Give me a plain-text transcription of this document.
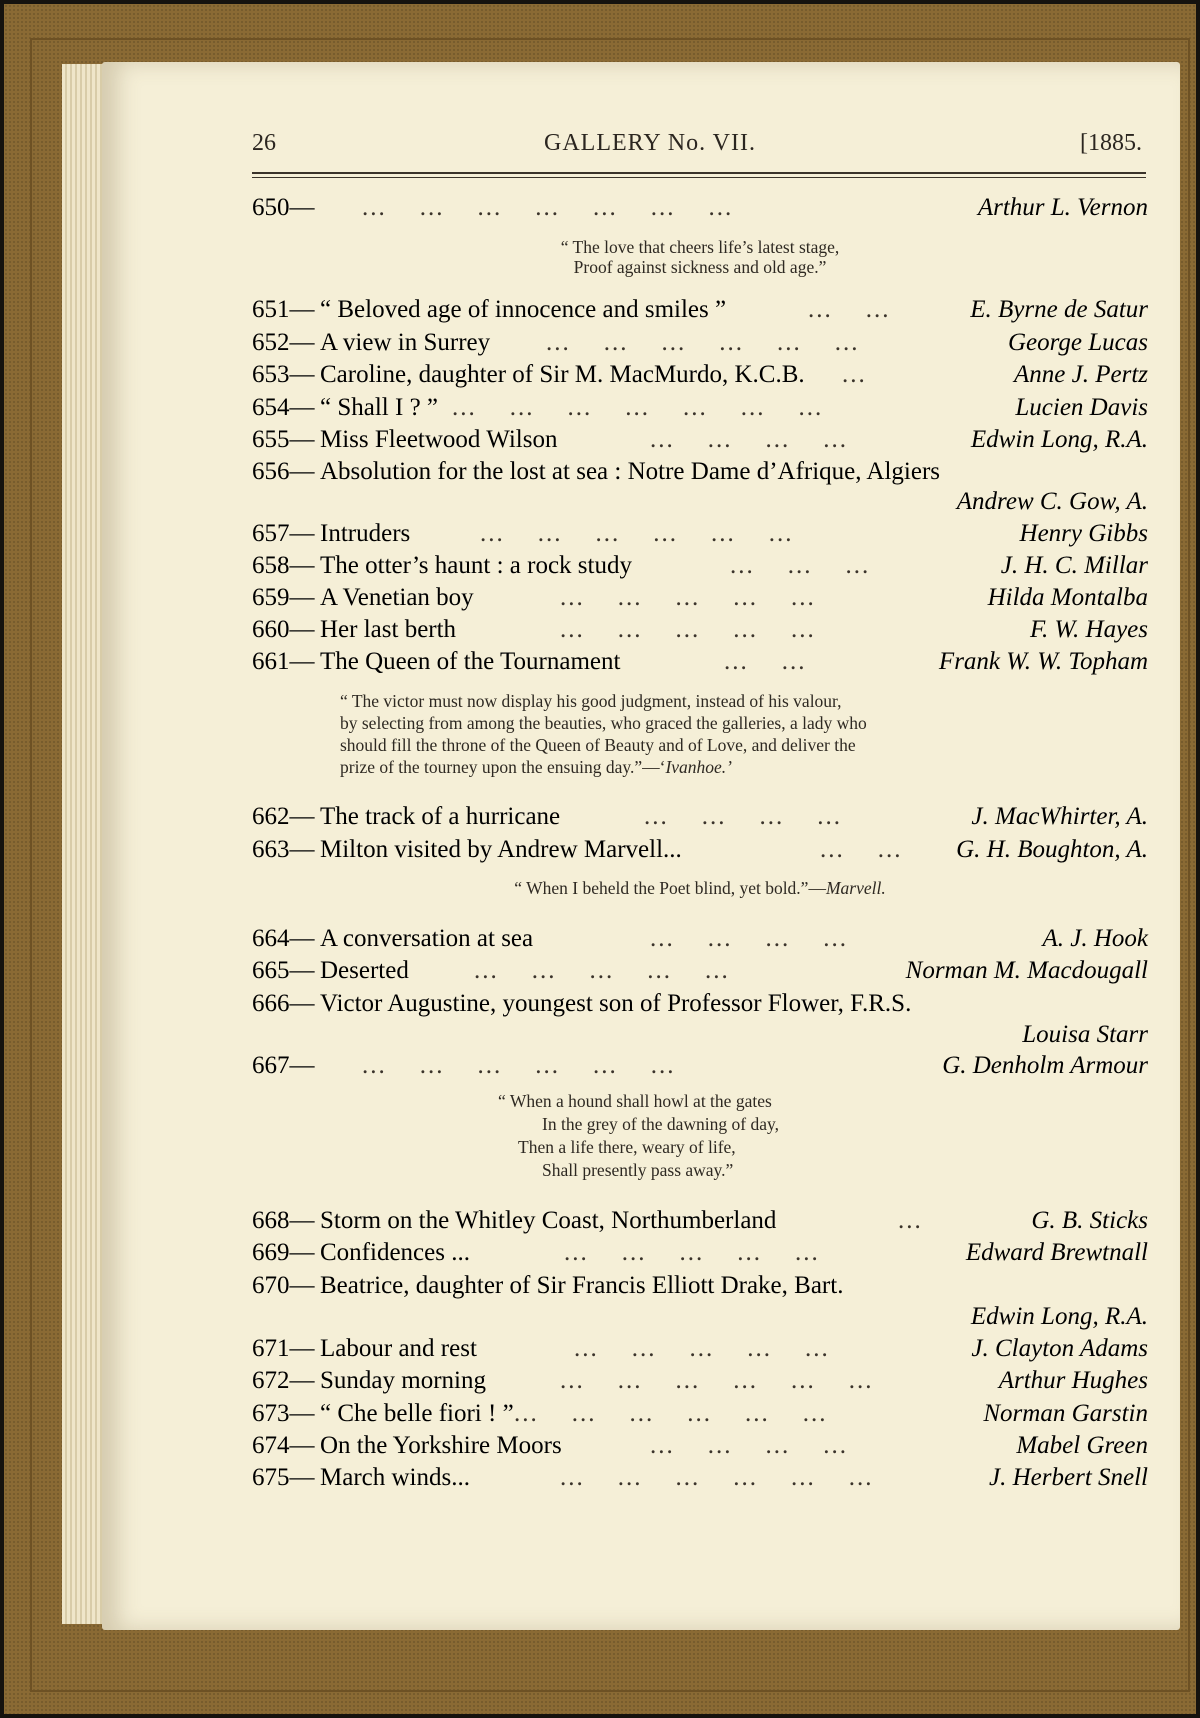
26	GALLERY No. VII.	[1885.
650— ...    ...    ...    ...    ...    ...    ...	Arthur L. Vernon
“ The love that cheers life’s latest stage,
Proof against sickness and old age.”
651— “ Beloved age of innocence and smiles ”	...    ...	E. Byrne de Satur
652— A view in Surrey ...    ...    ...    ...    ...    ...	George Lucas
653— Caroline, daughter of Sir M. MacMurdo, K.C.B. ...	Anne J. Pertz
654— “ Shall I ? ” ...    ...    ...    ...    ...    ...    ...	Lucien Davis
655— Miss Fleetwood Wilson	...    ...    ...    ...	Edwin Long, R.A.
656— Absolution for the lost at sea : Notre Dame d’Afrique, Algiers
Andrew C. Gow, A.
657— Intruders	...    ...    ...    ...    ...    ...	Henry Gibbs
658— The otter’s haunt : a rock study	...    ...    ...	J. H. C. Millar
659— A Venetian boy	...    ...    ...    ...    ...	Hilda Montalba
660— Her last berth	...    ...    ...    ...    ...	F. W. Hayes
661— The Queen of the Tournament	...    ...	Frank W. W. Topham
“ The victor must now display his good judgment, instead of his valour,
by selecting from among the beauties, who graced the galleries, a lady who
should fill the throne of the Queen of Beauty and of Love, and deliver the
prize of the tourney upon the ensuing day.”—‘Ivanhoe.’
662— The track of a hurricane	...    ...    ...    ...	J. MacWhirter, A.
663— Milton visited by Andrew Marvell...	...    ... G. H. Boughton, A.
“ When I beheld the Poet blind, yet bold.”—Marvell.
664— A conversation at sea	...    ...    ...    ...	A. J. Hook
665— Deserted	...    ...    ...    ...    ...	Norman M. Macdougall
666— Victor Augustine, youngest son of Professor Flower, F.R.S.
Louisa Starr
667— ...    ...    ...    ...    ...    ...	G. Denholm Armour
“ When a hound shall howl at the gates
In the grey of the dawning of day,
Then a life there, weary of life,
Shall presently pass away.”
668— Storm on the Whitley Coast, Northumberland	...	G. B. Sticks
669— Confidences ...	...    ...    ...    ...    ...	Edward Brewtnall
670— Beatrice, daughter of Sir Francis Elliott Drake, Bart.
Edwin Long, R.A.
671— Labour and rest	...    ...    ...    ...    ...	J. Clayton Adams
672— Sunday morning	...    ...    ...    ...    ...    ...	Arthur Hughes
673— “ Che belle fiori ! ” ...    ...    ...    ...    ...    ...	Norman Garstin
674— On the Yorkshire Moors	...    ...    ...    ...	Mabel Green
675— March winds...	...    ...    ...    ...    ...    ...	J. Herbert Snell
